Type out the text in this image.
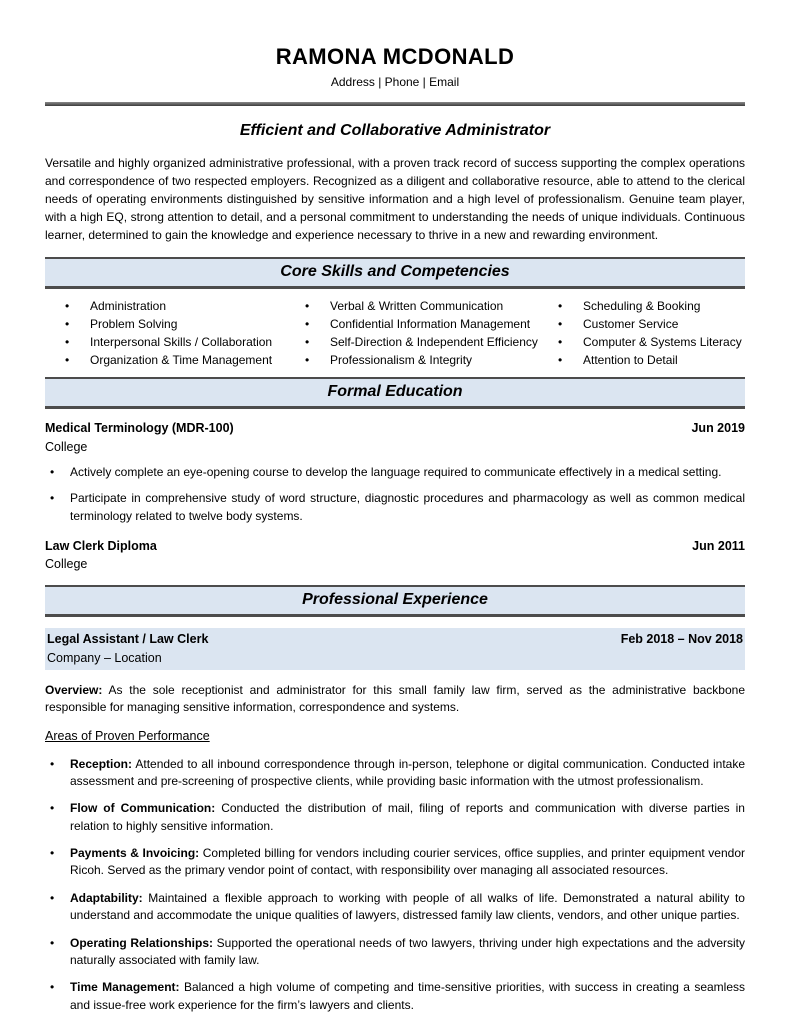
RAMONA MCDONALD
Address | Phone | Email
Efficient and Collaborative Administrator

Versatile and highly organized administrative professional, with a proven track record of success supporting the complex operations and correspondence of two respected employers. Recognized as a diligent and collaborative resource, able to attend to the clerical needs of operating environments distinguished by sensitive information and a high level of professionalism. Genuine team player, with a high EQ, strong attention to detail, and a personal commitment to understanding the needs of unique individuals. Continuous learner, determined to gain the knowledge and experience necessary to thrive in a new and rewarding environment.

Core Skills and Competencies
• Administration
• Problem Solving
• Interpersonal Skills / Collaboration
• Organization & Time Management
• Verbal & Written Communication
• Confidential Information Management
• Self-Direction & Independent Efficiency
• Professionalism & Integrity
• Scheduling & Booking
• Customer Service
• Computer & Systems Literacy
• Attention to Detail
Formal Education
Medical Terminology (MDR-100)	Jun 2019
College
• Actively complete an eye-opening course to develop the language required to communicate effectively in a medical setting.
• Participate in comprehensive study of word structure, diagnostic procedures and pharmacology as well as common medical terminology related to twelve body systems.
Law Clerk Diploma	Jun 2011
College
Professional Experience
Legal Assistant / Law Clerk	Feb 2018 – Nov 2018
Company – Location

Overview: As the sole receptionist and administrator for this small family law firm, served as the administrative backbone responsible for managing sensitive information, correspondence and systems.

Areas of Proven Performance
• Reception: Attended to all inbound correspondence through in-person, telephone or digital communication. Conducted intake assessment and pre-screening of prospective clients, while providing basic information with the utmost professionalism.
• Flow of Communication: Conducted the distribution of mail, filing of reports and communication with diverse parties in relation to highly sensitive information.
• Payments & Invoicing: Completed billing for vendors including courier services, office supplies, and printer equipment vendor Ricoh. Served as the primary vendor point of contact, with responsibility over managing all associated resources.
• Adaptability: Maintained a flexible approach to working with people of all walks of life. Demonstrated a natural ability to understand and accommodate the unique qualities of lawyers, distressed family law clients, vendors, and other unique parties.
• Operating Relationships: Supported the operational needs of two lawyers, thriving under high expectations and the adversity naturally associated with family law.
• Time Management: Balanced a high volume of competing and time-sensitive priorities, with success in creating a seamless and issue-free work experience for the firm’s lawyers and clients.
